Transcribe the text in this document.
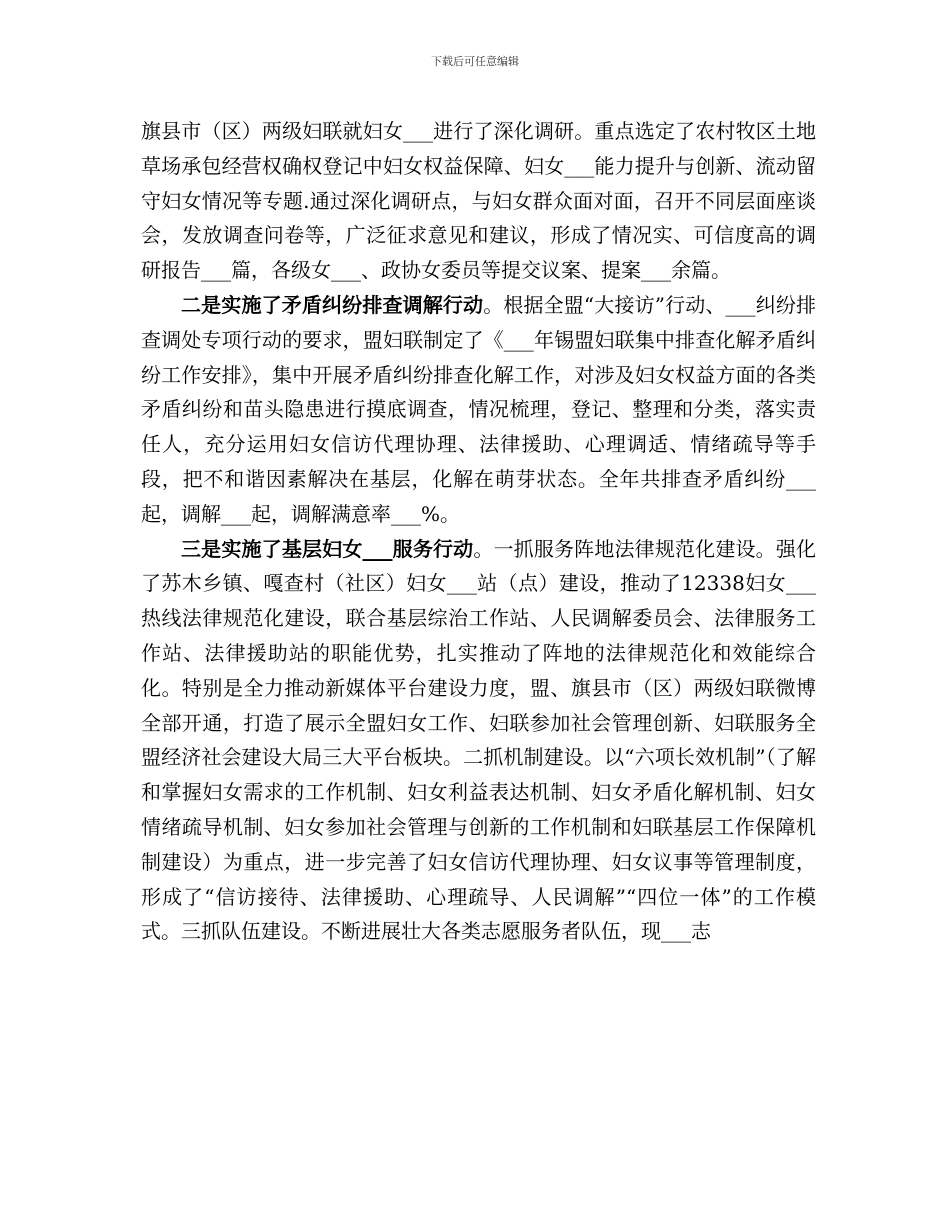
下载后可任意编辑

旗县市（区）两级妇联就妇女___进行了深化调研。重点选定了农村牧区土地草场承包经营权确权登记中妇女权益保障、妇女___能力提升与创新、流动留守妇女情况等专题.通过深化调研点，与妇女群众面对面，召开不同层面座谈会，发放调查问卷等，广泛征求意见和建议，形成了情况实、可信度高的调研报告___篇，各级女___、政协女委员等提交议案、提案___余篇。

二是实施了矛盾纠纷排查调解行动。根据全盟“大接访”行动、___纠纷排查调处专项行动的要求，盟妇联制定了《___年锡盟妇联集中排查化解矛盾纠纷工作安排》，集中开展矛盾纠纷排查化解工作，对涉及妇女权益方面的各类矛盾纠纷和苗头隐患进行摸底调查，情况梳理，登记、整理和分类，落实责任人，充分运用妇女信访代理协理、法律援助、心理调适、情绪疏导等手段，把不和谐因素解决在基层，化解在萌芽状态。全年共排查矛盾纠纷___起，调解___起，调解满意率___%。

三是实施了基层妇女___服务行动。一抓服务阵地法律规范化建设。强化了苏木乡镇、嘎查村（社区）妇女___站（点）建设，推动了12338妇女___热线法律规范化建设，联合基层综治工作站、人民调解委员会、法律服务工作站、法律援助站的职能优势，扎实推动了阵地的法律规范化和效能综合化。特别是全力推动新媒体平台建设力度，盟、旗县市（区）两级妇联微博全部开通，打造了展示全盟妇女工作、妇联参加社会管理创新、妇联服务全盟经济社会建设大局三大平台板块。二抓机制建设。以“六项长效机制”（了解和掌握妇女需求的工作机制、妇女利益表达机制、妇女矛盾化解机制、妇女情绪疏导机制、妇女参加社会管理与创新的工作机制和妇联基层工作保障机制建设）为重点，进一步完善了妇女信访代理协理、妇女议事等管理制度，形成了“信访接待、法律援助、心理疏导、人民调解”“四位一体”的工作模式。三抓队伍建设。不断进展壮大各类志愿服务者队伍，现___志
